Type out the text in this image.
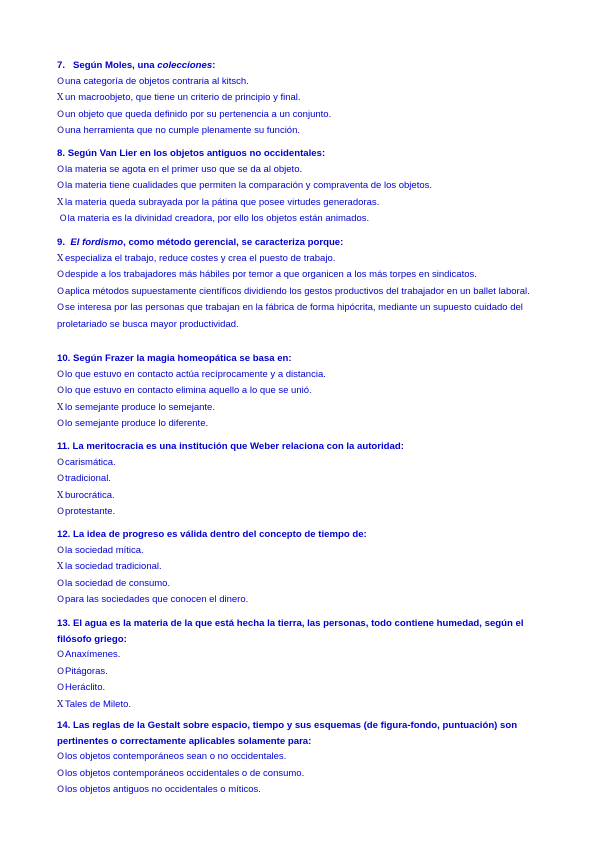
7. Según Moles, una colecciones:
Ouna categoría de objetos contraria al kitsch.
X un macroobjeto, que tiene un criterio de principio y final.
Oun objeto que queda definido por su pertenencia a un conjunto.
Ouna herramienta que no cumple plenamente su función.
8. Según Van Lier en los objetos antiguos no occidentales:
Ola materia se agota en el primer uso que se da al objeto.
Ola materia tiene cualidades que permiten la comparación y compraventa de los objetos.
X la materia queda subrayada por la pátina que posee virtudes generadoras.
Ola materia es la divinidad creadora, por ello los objetos están animados.
9. El fordismo, como método gerencial, se caracteriza porque:
X especializa el trabajo, reduce costes y crea el puesto de trabajo.
Odespide a los trabajadores más hábiles por temor a que organicen a los más torpes en sindicatos.
Oaplica métodos supuestamente científicos dividiendo los gestos productivos del trabajador en un ballet laboral.
Ose interesa por las personas que trabajan en la fábrica de forma hipócrita, mediante un supuesto cuidado del proletariado se busca mayor productividad.
10. Según Frazer la magia homeopática se basa en:
Olo que estuvo en contacto actúa recíprocamente y a distancia.
Olo que estuvo en contacto elimina aquello a lo que se unió.
X lo semejante produce lo semejante.
Olo semejante produce lo diferente.
11. La meritocracia es una institución que Weber relaciona con la autoridad:
Ocarismática.
Otradicional.
X burocrática.
Oprotestante.
12. La idea de progreso es válida dentro del concepto de tiempo de:
Ola sociedad mítica.
X la sociedad tradicional.
Ola sociedad de consumo.
Opara las sociedades que conocen el dinero.
13. El agua es la materia de la que está hecha la tierra, las personas, todo contiene humedad, según el filósofo griego:
OAnaxímenes.
OPitágoras.
OHeráclito.
X Tales de Mileto.
14. Las reglas de la Gestalt sobre espacio, tiempo y sus esquemas (de figura-fondo, puntuación) son pertinentes o correctamente aplicables solamente para:
Olos objetos contemporáneos sean o no occidentales.
Olos objetos contemporáneos occidentales o de consumo.
Olos objetos antiguos no occidentales o míticos.
